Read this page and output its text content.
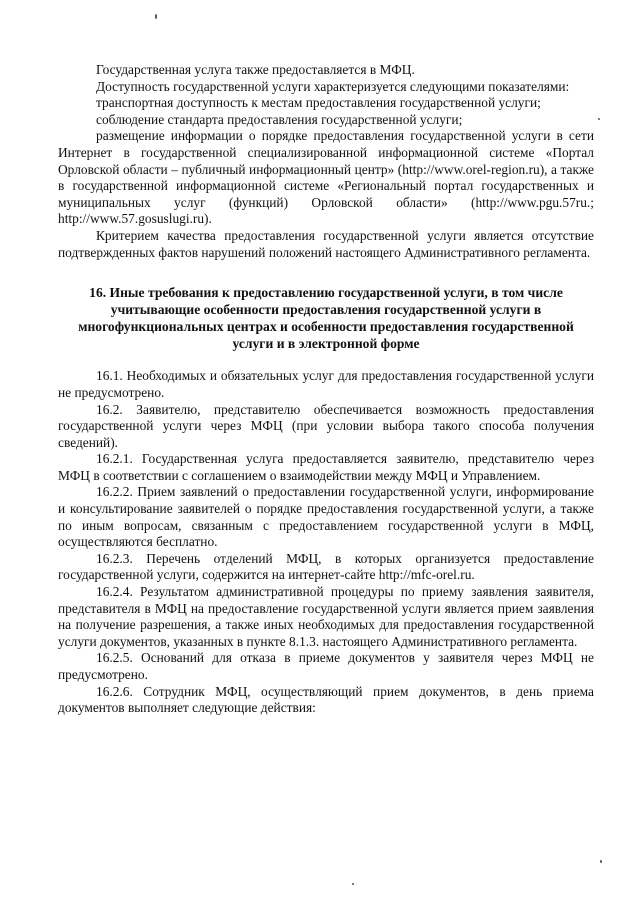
Государственная услуга также предоставляется в МФЦ.

Доступность государственной услуги характеризуется следующими показателями:

транспортная доступность к местам предоставления государственной услуги;

соблюдение стандарта предоставления государственной услуги;

размещение информации о порядке предоставления государственной услуги в сети Интернет в государственной специализированной информационной системе «Портал Орловской области – публичный информационный центр» (http://www.orel-region.ru), а также в государственной информационной системе «Региональный портал государственных и муниципальных услуг (функций) Орловской области» (http://www.pgu.57ru.; http://www.57.gosuslugi.ru).

Критерием качества предоставления государственной услуги является отсутствие подтвержденных фактов нарушений положений настоящего Административного регламента.

16. Иные требования к предоставлению государственной услуги, в том числе учитывающие особенности предоставления государственной услуги в многофункциональных центрах и особенности предоставления государственной услуги и в электронной форме

16.1. Необходимых и обязательных услуг для предоставления государственной услуги не предусмотрено.

16.2. Заявителю, представителю обеспечивается возможность предоставления государственной услуги через МФЦ (при условии выбора такого способа получения сведений).

16.2.1. Государственная услуга предоставляется заявителю, представителю через МФЦ в соответствии с соглашением о взаимодействии между МФЦ и Управлением.

16.2.2. Прием заявлений о предоставлении государственной услуги, информирование и консультирование заявителей о порядке предоставления государственной услуги, а также по иным вопросам, связанным с предоставлением государственной услуги в МФЦ, осуществляются бесплатно.

16.2.3. Перечень отделений МФЦ, в которых организуется предоставление государственной услуги, содержится на интернет-сайте http://mfc-orel.ru.

16.2.4. Результатом административной процедуры по приему заявления заявителя, представителя в МФЦ на предоставление государственной услуги является прием заявления на получение разрешения, а также иных необходимых для предоставления государственной услуги документов, указанных в пункте 8.1.3. настоящего Административного регламента.

16.2.5. Оснований для отказа в приеме документов у заявителя через МФЦ не предусмотрено.

16.2.6. Сотрудник МФЦ, осуществляющий прием документов, в день приема документов выполняет следующие действия:
